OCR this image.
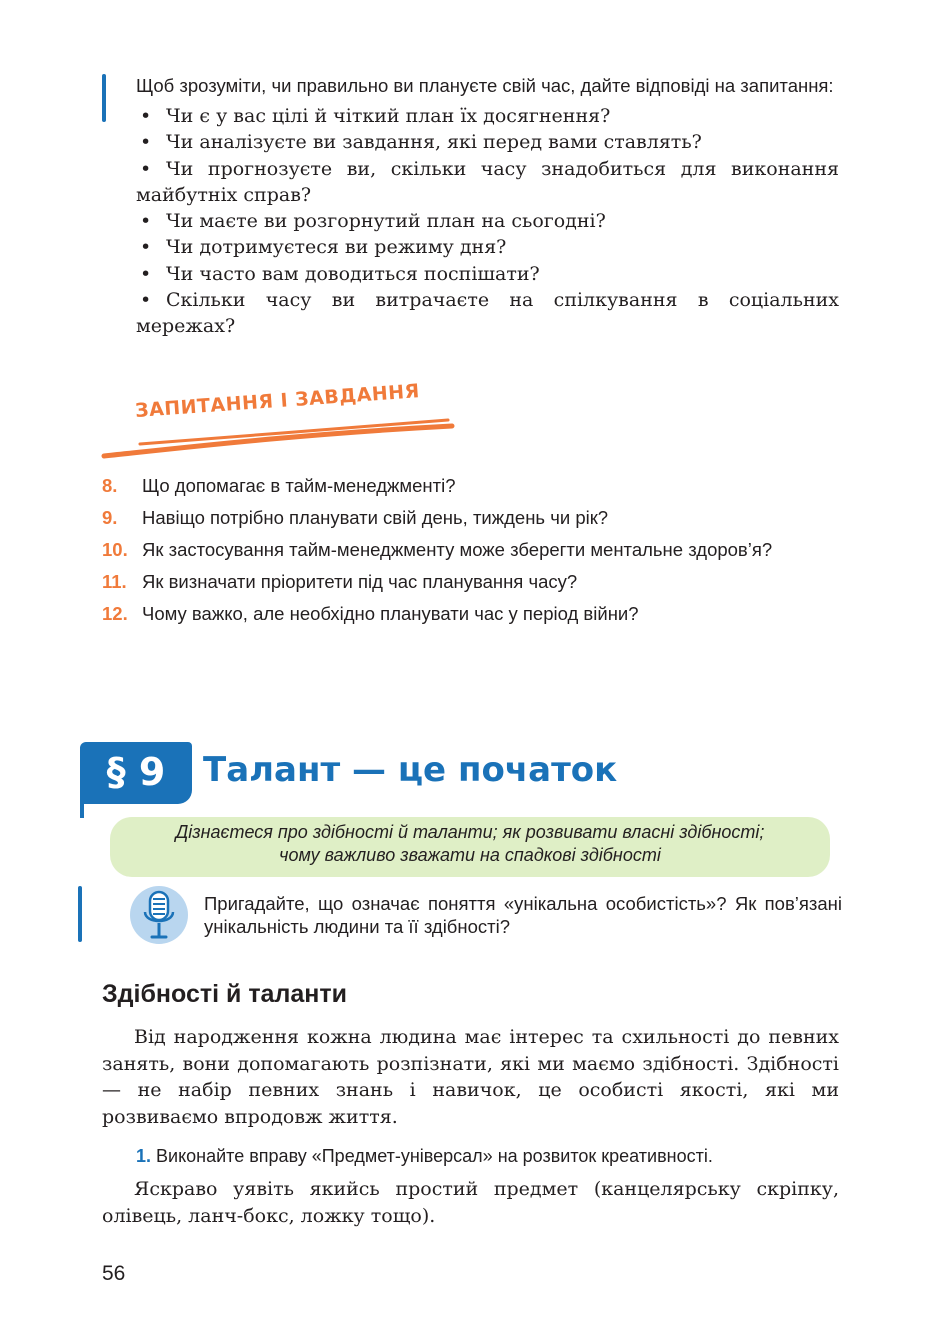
Щоб зрозуміти, чи правильно ви плануєте свій час, дайте відповіді на запитання:

• Чи є у вас цілі й чіткий план їх досягнення?
• Чи аналізуєте ви завдання, які перед вами ставлять?
• Чи прогнозуєте ви, скільки часу знадобиться для виконання майбутніх справ?
• Чи маєте ви розгорнутий план на сьогодні?
• Чи дотримуєтеся ви режиму дня?
• Чи часто вам доводиться поспішати?
• Скільки часу ви витрачаєте на спілкування в соціальних мережах?
ЗАПИТАННЯ І ЗАВДАННЯ
8. Що допомагає в тайм-менеджменті?
9. Навіщо потрібно планувати свій день, тиждень чи рік?
10. Як застосування тайм-менеджменту може зберегти ментальне здоров’я?
11. Як визначати пріоритети під час планування часу?
12. Чому важко, але необхідно планувати час у період війни?
§ 9	Талант — це початок
Дізнаєтеся про здібності й таланти; як розвивати власні здібності;
чому важливо зважати на спадкові здібності
Пригадайте, що означає поняття «унікальна особистість»? Як пов’язані унікальність людини та її здібності?
Здібності й таланти

Від народження кожна людина має інтерес та схильності до певних занять, вони допомагають розпізнати, які ми маємо здібності. Здібності — не набір певних знань і навичок, це особисті якості, які ми розвиваємо впродовж життя.

1. Виконайте вправу «Предмет-універсал» на розвиток креативності.

Яскраво уявіть якийсь простий предмет (канцелярську скріпку, олівець, ланч-бокс, ложку тощо).

56
